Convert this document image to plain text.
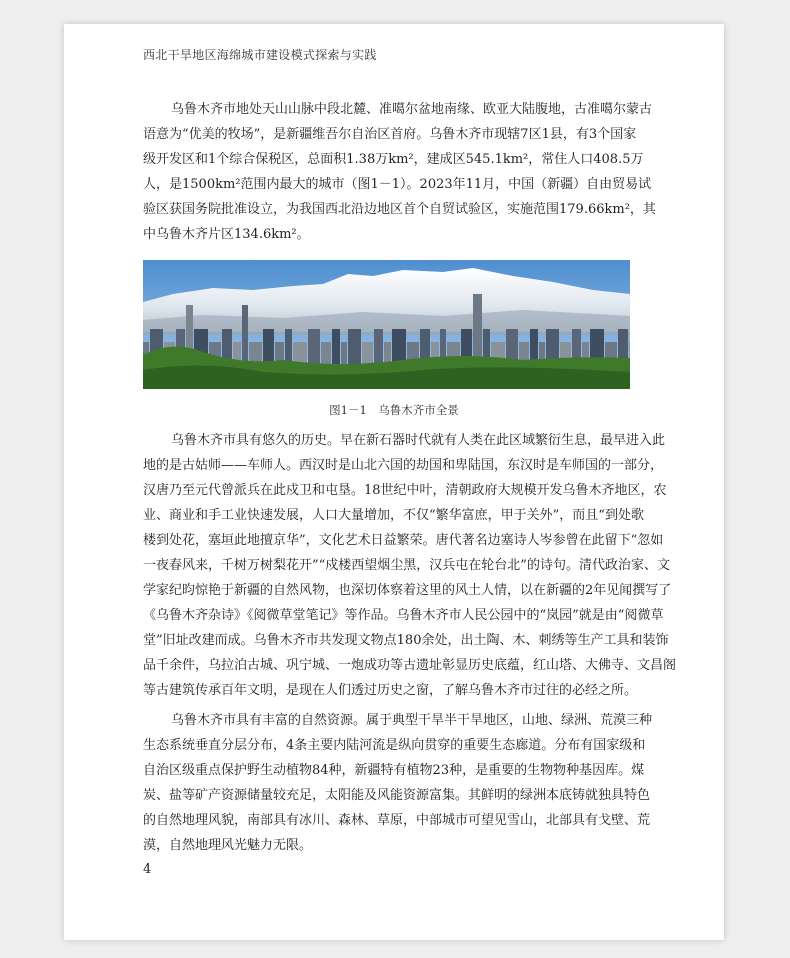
西北干旱地区海绵城市建设模式探索与实践
乌鲁木齐市地处天山山脉中段北麓、准噶尔盆地南缘、欧亚大陆腹地，古准噶尔蒙古
语意为“优美的牧场”，是新疆维吾尔自治区首府。乌鲁木齐市现辖7区1县，有3个国家
级开发区和1个综合保税区，总面积1.38万km²，建成区545.1km²，常住人口408.5万
人，是1500km²范围内最大的城市（图1－1）。2023年11月，中国（新疆）自由贸易试
验区获国务院批准设立，为我国西北沿边地区首个自贸试验区，实施范围179.66km²，其
中乌鲁木齐片区134.6km²。
图1－1　乌鲁木齐市全景
乌鲁木齐市具有悠久的历史。早在新石器时代就有人类在此区域繁衍生息，最早进入此
地的是古姑师——车师人。西汉时是山北六国的劫国和卑陆国，东汉时是车师国的一部分，
汉唐乃至元代曾派兵在此戍卫和屯垦。18世纪中叶，清朝政府大规模开发乌鲁木齐地区，农
业、商业和手工业快速发展，人口大量增加，不仅“繁华富庶，甲于关外”，而且“到处歌
楼到处花，塞垣此地擅京华”，文化艺术日益繁荣。唐代著名边塞诗人岑参曾在此留下“忽如
一夜春风来，千树万树梨花开”“戍楼西望烟尘黑，汉兵屯在轮台北”的诗句。清代政治家、文
学家纪昀惊艳于新疆的自然风物，也深切体察着这里的风土人情，以在新疆的2年见闻撰写了
《乌鲁木齐杂诗》《阅微草堂笔记》等作品。乌鲁木齐市人民公园中的“岚园”就是由“阅微草
堂”旧址改建而成。乌鲁木齐市共发现文物点180余处，出土陶、木、刺绣等生产工具和装饰
品千余件，乌拉泊古城、巩宁城、一炮成功等古遗址彰显历史底蕴，红山塔、大佛寺、文昌阁
等古建筑传承百年文明，是现在人们透过历史之窗，了解乌鲁木齐市过往的必经之所。
乌鲁木齐市具有丰富的自然资源。属于典型干旱半干旱地区，山地、绿洲、荒漠三种
生态系统垂直分层分布，4条主要内陆河流是纵向贯穿的重要生态廊道。分布有国家级和
自治区级重点保护野生动植物84种，新疆特有植物23种，是重要的生物物种基因库。煤
炭、盐等矿产资源储量较充足，太阳能及风能资源富集。其鲜明的绿洲本底铸就独具特色
的自然地理风貌，南部具有冰川、森林、草原，中部城市可望见雪山，北部具有戈壁、荒
漠，自然地理风光魅力无限。
4
